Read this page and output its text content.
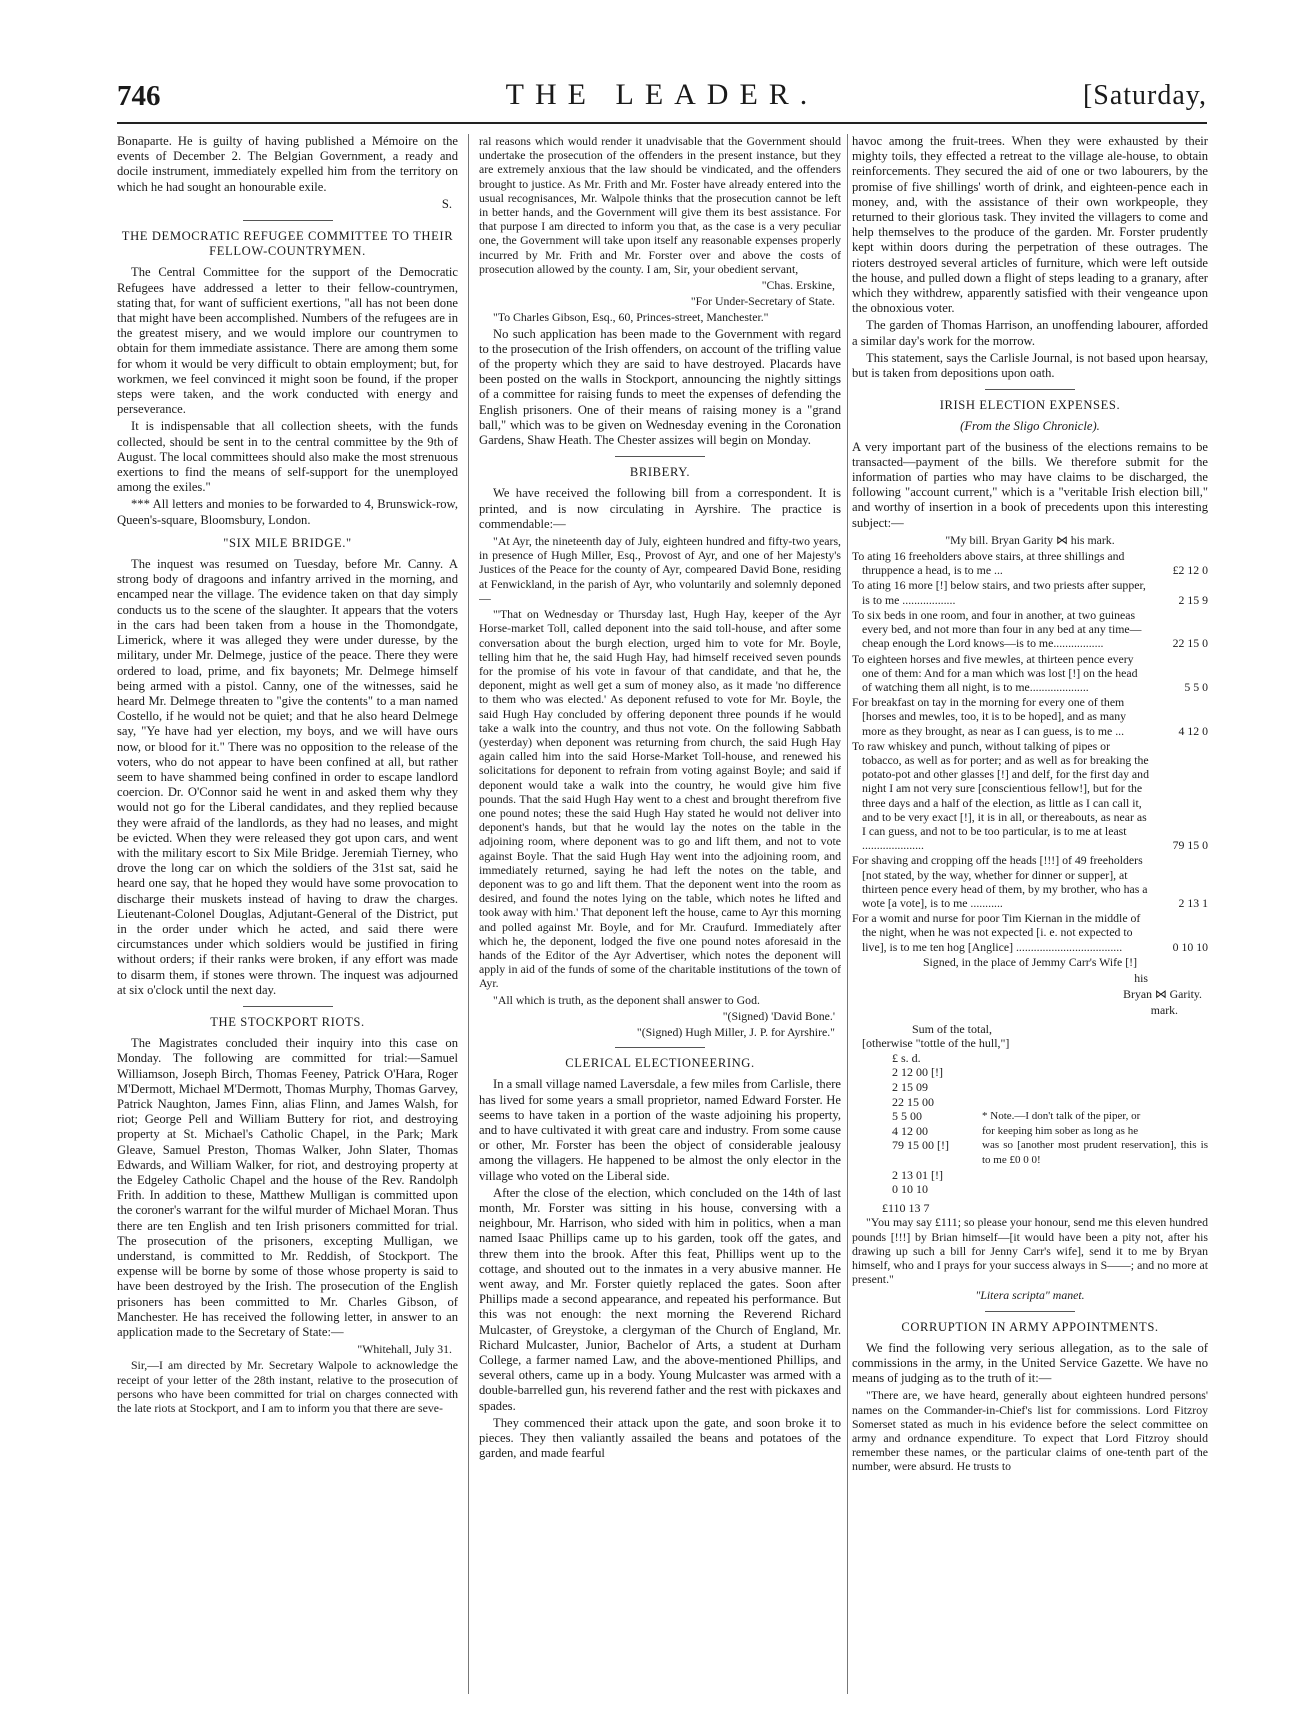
746	THE LEADER.	[Saturday,

Bonaparte. He is guilty of having published a Mémoire on the events of December 2. The Belgian Government, a ready and docile instrument, immediately expelled him from the territory on which he had sought an honourable exile.

S.
THE DEMOCRATIC REFUGEE COMMITTEE TO THEIR FELLOW-COUNTRYMEN.

The Central Committee for the support of the Democratic Refugees have addressed a letter to their fellow-countrymen, stating that, for want of sufficient exertions, "all has not been done that might have been accomplished. Numbers of the refugees are in the greatest misery, and we would implore our countrymen to obtain for them immediate assistance. There are among them some for whom it would be very difficult to obtain employment; but, for workmen, we feel convinced it might soon be found, if the proper steps were taken, and the work conducted with energy and perseverance.

It is indispensable that all collection sheets, with the funds collected, should be sent in to the central committee by the 9th of August. The local committees should also make the most strenuous exertions to find the means of self-support for the unemployed among the exiles."

*** All letters and monies to be forwarded to 4, Brunswick-row, Queen's-square, Bloomsbury, London.

"SIX MILE BRIDGE."

The inquest was resumed on Tuesday, before Mr. Canny. A strong body of dragoons and infantry arrived in the morning, and encamped near the village. The evidence taken on that day simply conducts us to the scene of the slaughter. It appears that the voters in the cars had been taken from a house in the Thomondgate, Limerick, where it was alleged they were under duresse, by the military, under Mr. Delmege, justice of the peace. There they were ordered to load, prime, and fix bayonets; Mr. Delmege himself being armed with a pistol. Canny, one of the witnesses, said he heard Mr. Delmege threaten to "give the contents" to a man named Costello, if he would not be quiet; and that he also heard Delmege say, "Ye have had yer election, my boys, and we will have ours now, or blood for it." There was no opposition to the release of the voters, who do not appear to have been confined at all, but rather seem to have shammed being confined in order to escape landlord coercion. Dr. O'Connor said he went in and asked them why they would not go for the Liberal candidates, and they replied because they were afraid of the landlords, as they had no leases, and might be evicted. When they were released they got upon cars, and went with the military escort to Six Mile Bridge. Jeremiah Tierney, who drove the long car on which the soldiers of the 31st sat, said he heard one say, that he hoped they would have some provocation to discharge their muskets instead of having to draw the charges. Lieutenant-Colonel Douglas, Adjutant-General of the District, put in the order under which he acted, and said there were circumstances under which soldiers would be justified in firing without orders; if their ranks were broken, if any effort was made to disarm them, if stones were thrown. The inquest was adjourned at six o'clock until the next day.

THE STOCKPORT RIOTS.

The Magistrates concluded their inquiry into this case on Monday. The following are committed for trial:—Samuel Williamson, Joseph Birch, Thomas Feeney, Patrick O'Hara, Roger M'Dermott, Michael M'Dermott, Thomas Murphy, Thomas Garvey, Patrick Naughton, James Finn, alias Flinn, and James Walsh, for riot; George Pell and William Buttery for riot, and destroying property at St. Michael's Catholic Chapel, in the Park; Mark Gleave, Samuel Preston, Thomas Walker, John Slater, Thomas Edwards, and William Walker, for riot, and destroying property at the Edgeley Catholic Chapel and the house of the Rev. Randolph Frith. In addition to these, Matthew Mulligan is committed upon the coroner's warrant for the wilful murder of Michael Moran. Thus there are ten English and ten Irish prisoners committed for trial. The prosecution of the prisoners, excepting Mulligan, we understand, is committed to Mr. Reddish, of Stockport. The expense will be borne by some of those whose property is said to have been destroyed by the Irish. The prosecution of the English prisoners has been committed to Mr. Charles Gibson, of Manchester. He has received the following letter, in answer to an application made to the Secretary of State:—

"Whitehall, July 31.

Sir,—I am directed by Mr. Secretary Walpole to acknowledge the receipt of your letter of the 28th instant, relative to the prosecution of persons who have been committed for trial on charges connected with the late riots at Stockport, and I am to inform you that there are seve-

ral reasons which would render it unadvisable that the Government should undertake the prosecution of the offenders in the present instance, but they are extremely anxious that the law should be vindicated, and the offenders brought to justice. As Mr. Frith and Mr. Foster have already entered into the usual recognisances, Mr. Walpole thinks that the prosecution cannot be left in better hands, and the Government will give them its best assistance. For that purpose I am directed to inform you that, as the case is a very peculiar one, the Government will take upon itself any reasonable expenses properly incurred by Mr. Frith and Mr. Forster over and above the costs of prosecution allowed by the county. I am, Sir, your obedient servant,

"Chas. Erskine,
"For Under-Secretary of State.

"To Charles Gibson, Esq., 60, Princes-street, Manchester."

No such application has been made to the Government with regard to the prosecution of the Irish offenders, on account of the trifling value of the property which they are said to have destroyed. Placards have been posted on the walls in Stockport, announcing the nightly sittings of a committee for raising funds to meet the expenses of defending the English prisoners. One of their means of raising money is a "grand ball," which was to be given on Wednesday evening in the Coronation Gardens, Shaw Heath. The Chester assizes will begin on Monday.

BRIBERY.

We have received the following bill from a correspondent. It is printed, and is now circulating in Ayrshire. The practice is commendable:—

"At Ayr, the nineteenth day of July, eighteen hundred and fifty-two years, in presence of Hugh Miller, Esq., Provost of Ayr, and one of her Majesty's Justices of the Peace for the county of Ayr, compeared David Bone, residing at Fenwickland, in the parish of Ayr, who voluntarily and solemnly deponed—

"'That on Wednesday or Thursday last, Hugh Hay, keeper of the Ayr Horse-market Toll, called deponent into the said toll-house, and after some conversation about the burgh election, urged him to vote for Mr. Boyle, telling him that he, the said Hugh Hay, had himself received seven pounds for the promise of his vote in favour of that candidate, and that he, the deponent, might as well get a sum of money also, as it made 'no difference to them who was elected.' As deponent refused to vote for Mr. Boyle, the said Hugh Hay concluded by offering deponent three pounds if he would take a walk into the country, and thus not vote. On the following Sabbath (yesterday) when deponent was returning from church, the said Hugh Hay again called him into the said Horse-Market Toll-house, and renewed his solicitations for deponent to refrain from voting against Boyle; and said if deponent would take a walk into the country, he would give him five pounds. That the said Hugh Hay went to a chest and brought therefrom five one pound notes; these the said Hugh Hay stated he would not deliver into deponent's hands, but that he would lay the notes on the table in the adjoining room, where deponent was to go and lift them, and not to vote against Boyle. That the said Hugh Hay went into the adjoining room, and immediately returned, saying he had left the notes on the table, and deponent was to go and lift them. That the deponent went into the room as desired, and found the notes lying on the table, which notes he lifted and took away with him.' That deponent left the house, came to Ayr this morning and polled against Mr. Boyle, and for Mr. Craufurd. Immediately after which he, the deponent, lodged the five one pound notes aforesaid in the hands of the Editor of the Ayr Advertiser, which notes the deponent will apply in aid of the funds of some of the charitable institutions of the town of Ayr.

"All which is truth, as the deponent shall answer to God.

"(Signed) 'David Bone.'
"(Signed) Hugh Miller, J. P. for Ayrshire."
CLERICAL ELECTIONEERING.

In a small village named Laversdale, a few miles from Carlisle, there has lived for some years a small proprietor, named Edward Forster. He seems to have taken in a portion of the waste adjoining his property, and to have cultivated it with great care and industry. From some cause or other, Mr. Forster has been the object of considerable jealousy among the villagers. He happened to be almost the only elector in the village who voted on the Liberal side.

After the close of the election, which concluded on the 14th of last month, Mr. Forster was sitting in his house, conversing with a neighbour, Mr. Harrison, who sided with him in politics, when a man named Isaac Phillips came up to his garden, took off the gates, and threw them into the brook. After this feat, Phillips went up to the cottage, and shouted out to the inmates in a very abusive manner. He went away, and Mr. Forster quietly replaced the gates. Soon after Phillips made a second appearance, and repeated his performance. But this was not enough: the next morning the Reverend Richard Mulcaster, of Greystoke, a clergyman of the Church of England, Mr. Richard Mulcaster, Junior, Bachelor of Arts, a student at Durham College, a farmer named Law, and the above-mentioned Phillips, and several others, came up in a body. Young Mulcaster was armed with a double-barrelled gun, his reverend father and the rest with pickaxes and spades.

They commenced their attack upon the gate, and soon broke it to pieces. They then valiantly assailed the beans and potatoes of the garden, and made fearful

havoc among the fruit-trees. When they were exhausted by their mighty toils, they effected a retreat to the village ale-house, to obtain reinforcements. They secured the aid of one or two labourers, by the promise of five shillings' worth of drink, and eighteen-pence each in money, and, with the assistance of their own workpeople, they returned to their glorious task. They invited the villagers to come and help themselves to the produce of the garden. Mr. Forster prudently kept within doors during the perpetration of these outrages. The rioters destroyed several articles of furniture, which were left outside the house, and pulled down a flight of steps leading to a granary, after which they withdrew, apparently satisfied with their vengeance upon the obnoxious voter.

The garden of Thomas Harrison, an unoffending labourer, afforded a similar day's work for the morrow.

This statement, says the Carlisle Journal, is not based upon hearsay, but is taken from depositions upon oath.

IRISH ELECTION EXPENSES.
(From the Sligo Chronicle).

A very important part of the business of the elections remains to be transacted—payment of the bills. We therefore submit for the information of parties who may have claims to be discharged, the following "account current," which is a "veritable Irish election bill," and worthy of insertion in a book of precedents upon this interesting subject:—

"My bill. Bryan Garity ⋈ his mark.
To ating 16 freeholders above stairs, at three shillings and thruppence a head, is to me ...	£2 12 0
To ating 16 more [!] below stairs, and two priests after supper, is to me ..................	2 15 9
To six beds in one room, and four in another, at two guineas every bed, and not more than four in any bed at any time—cheap enough the Lord knows—is to me.................	22 15 0
To eighteen horses and five mewles, at thirteen pence every one of them: And for a man which was lost [!] on the head of watching them all night, is to me....................	5 5 0
For breakfast on tay in the morning for every one of them [horses and mewles, too, it is to be hoped], and as many more as they brought, as near as I can guess, is to me ...	4 12 0
To raw whiskey and punch, without talking of pipes or tobacco, as well as for porter; and as well as for breaking the potato-pot and other glasses [!] and delf, for the first day and night I am not very sure [conscientious fellow!], but for the three days and a half of the election, as little as I can call it, and to be very exact [!], it is in all, or thereabouts, as near as I can guess, and not to be too particular, is to me at least .....................	79 15 0
For shaving and cropping off the heads [!!!] of 49 freeholders [not stated, by the way, whether for dinner or supper], at thirteen pence every head of them, by my brother, who has a wote [a vote], is to me ...........	2 13 1
For a womit and nurse for poor Tim Kiernan in the middle of the night, when he was not expected [i. e. not expected to live], is to me ten hog [Anglice] ....................................	0 10 10
Signed, in the place of Jemmy Carr's Wife [!]
his
Bryan ⋈ Garity.
mark.
Sum of the total,
[otherwise "tottle of the hull,"]
£ s. d.
2 12 00 [!]
2 15 09
22 15 00
5 5 00	* Note.—I don't talk of the piper, or
4 12 00	for keeping him sober as long as he
79 15 00 [!]	was so [another most prudent reservation], this is to me £0 0 0!
2 13 01 [!]
0 10 10
£110 13 7

"You may say £111; so please your honour, send me this eleven hundred pounds [!!!] by Brian himself—[it would have been a pity not, after his drawing up such a bill for Jenny Carr's wife], send it to me by Bryan himself, who and I prays for your success always in S——; and no more at present."

"Litera scripta" manet.
CORRUPTION IN ARMY APPOINTMENTS.

We find the following very serious allegation, as to the sale of commissions in the army, in the United Service Gazette. We have no means of judging as to the truth of it:—

"There are, we have heard, generally about eighteen hundred persons' names on the Commander-in-Chief's list for commissions. Lord Fitzroy Somerset stated as much in his evidence before the select committee on army and ordnance expenditure. To expect that Lord Fitzroy should remember these names, or the particular claims of one-tenth part of the number, were absurd. He trusts to
